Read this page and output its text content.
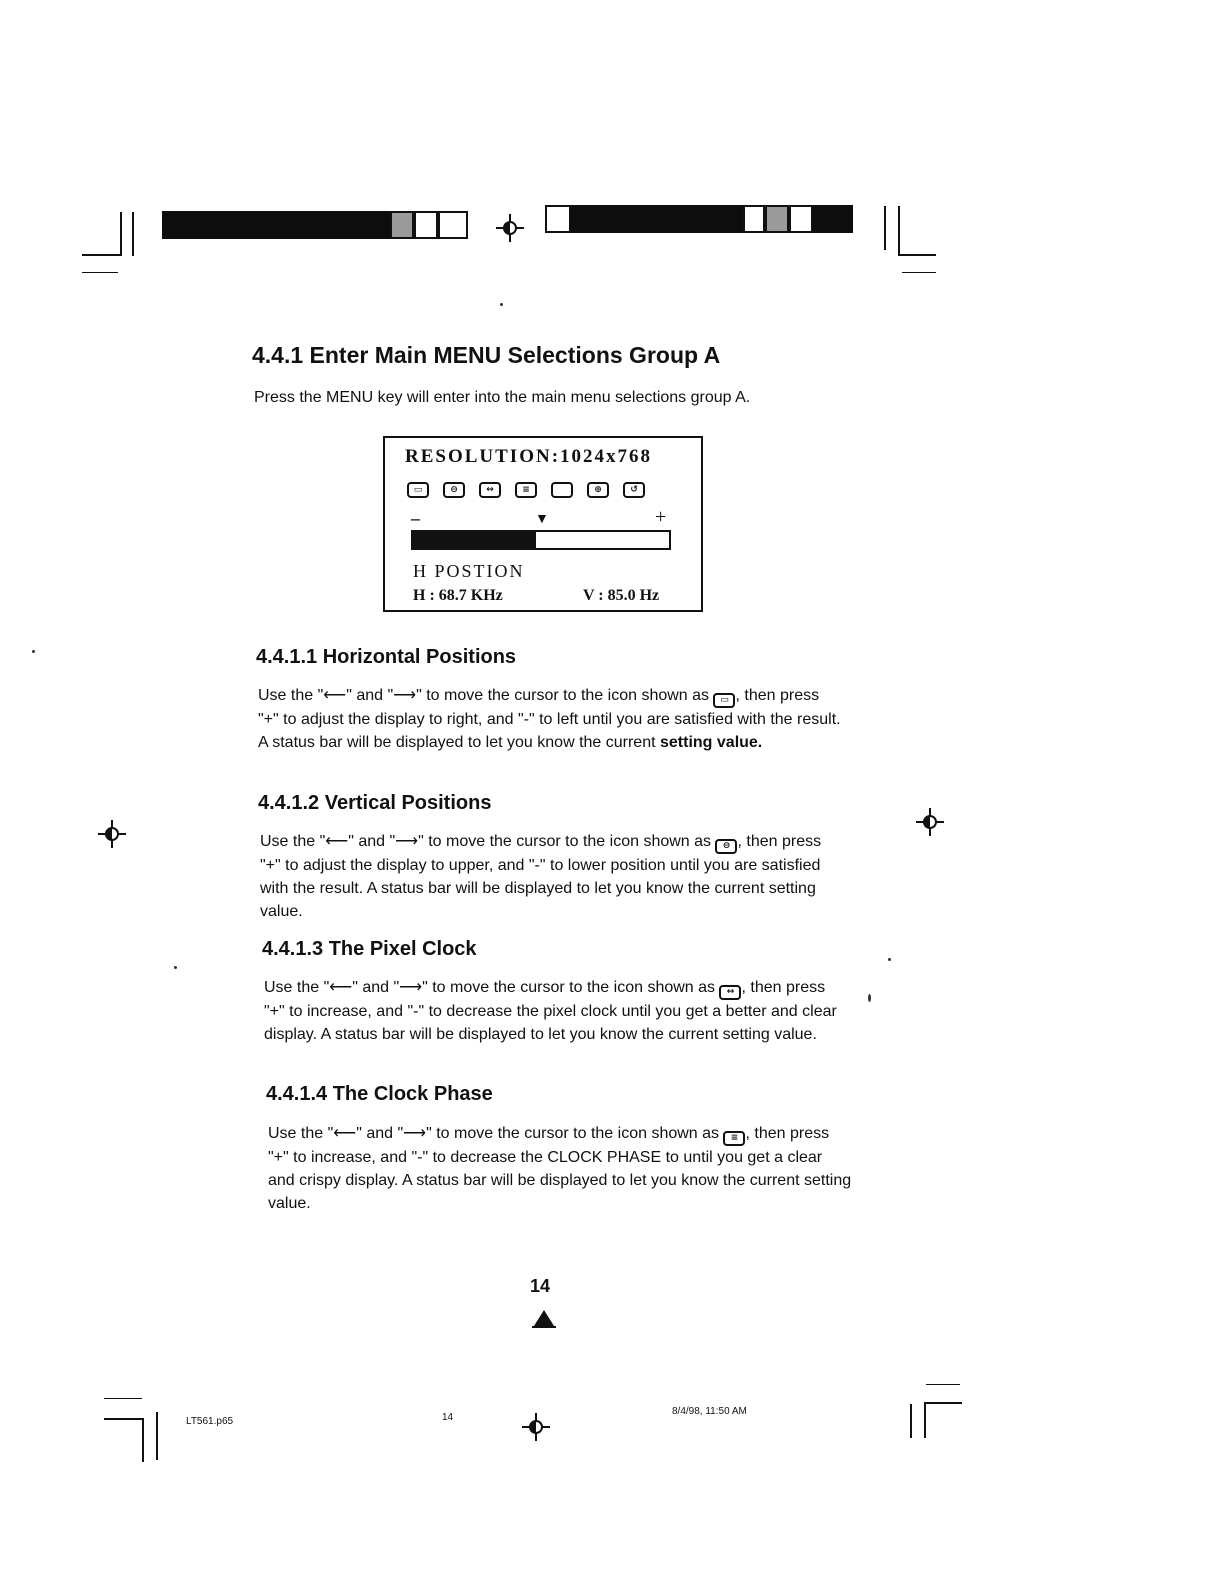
4.4.1 Enter Main MENU Selections Group A

Press the MENU key will enter into the main menu selections group A.

RESOLUTION:1024x768
▭	⊖	↔	≡	⊕	↺
–	▼	+
H POSTION
H : 68.7 KHz	V : 85.0 Hz
4.4.1.1 Horizontal Positions

Use the "⟵" and "⟶" to move the cursor to the icon shown as ▭ , then press "+" to adjust the display to right, and "-" to left until you are satisfied with the result. A status bar will be displayed to let you know the current setting value.

4.4.1.2 Vertical Positions

Use the "⟵" and "⟶" to move the cursor to the icon shown as ⊖ , then press "+" to adjust the display to upper, and "-" to lower position until you are satisfied with the result. A status bar will be displayed to let you know the current setting value.

4.4.1.3 The Pixel Clock

Use the "⟵" and "⟶" to move the cursor to the icon shown as ↔ , then press "+" to increase, and "-" to decrease the pixel clock until you get a better and clear display. A status bar will be displayed to let you know the current setting value.

4.4.1.4 The Clock Phase

Use the "⟵" and "⟶" to move the cursor to the icon shown as ≡ , then press "+" to increase, and "-" to decrease the CLOCK PHASE to until you get a clear and crispy display. A status bar will be displayed to let you know the current setting value.

14
LT561.p65	14
8/4/98, 11:50 AM
